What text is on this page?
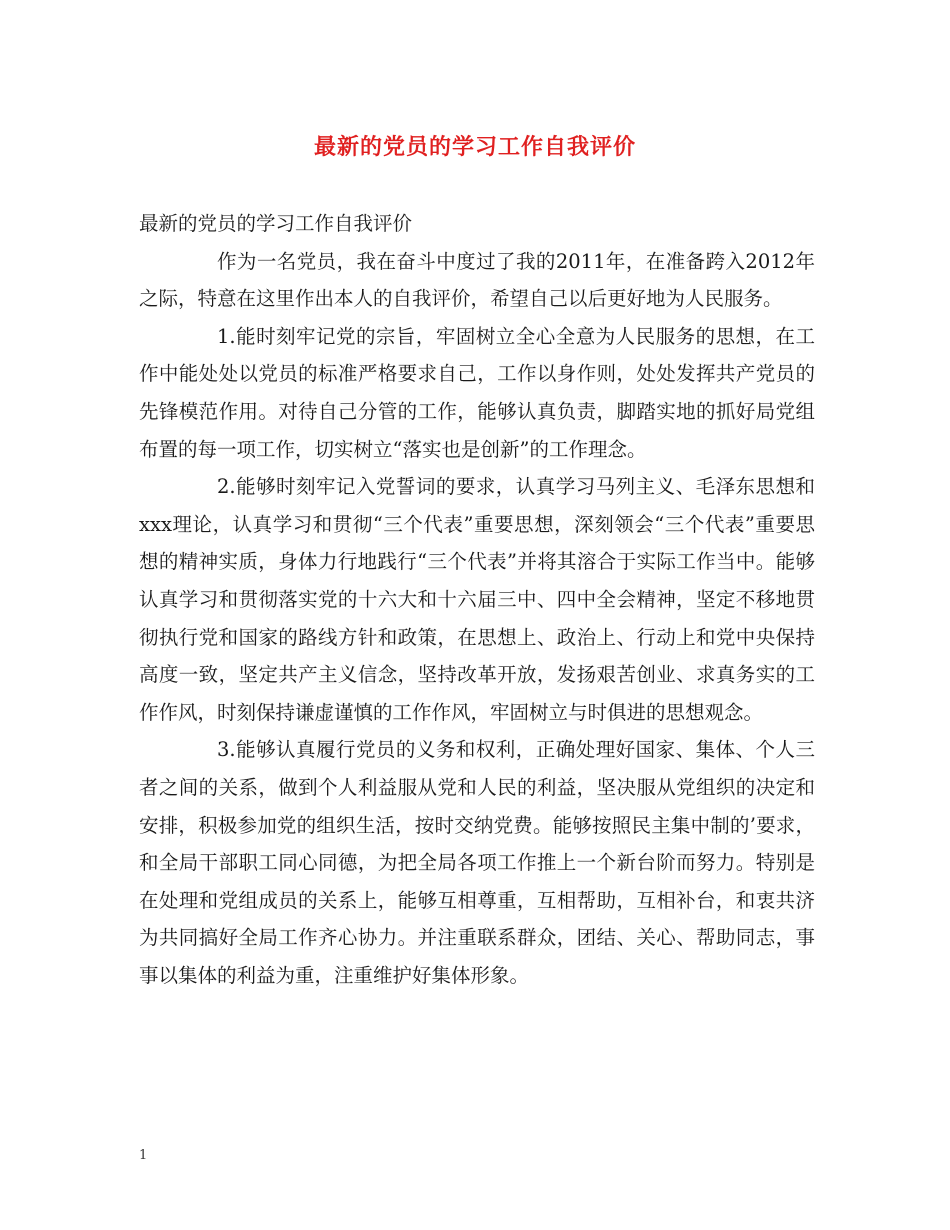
最新的党员的学习工作自我评价

最新的党员的学习工作自我评价

作为一名党员，我在奋斗中度过了我的2011年，在准备跨入2012年之际，特意在这里作出本人的自我评价，希望自己以后更好地为人民服务。

1.能时刻牢记党的宗旨，牢固树立全心全意为人民服务的思想，在工作中能处处以党员的标准严格要求自己，工作以身作则，处处发挥共产党员的先锋模范作用。对待自己分管的工作，能够认真负责，脚踏实地的抓好局党组布置的每一项工作，切实树立“落实也是创新”的工作理念。

2.能够时刻牢记入党誓词的要求，认真学习马列主义、毛泽东思想和xxx理论，认真学习和贯彻“三个代表”重要思想，深刻领会“三个代表”重要思想的精神实质，身体力行地践行“三个代表”并将其溶合于实际工作当中。能够认真学习和贯彻落实党的十六大和十六届三中、四中全会精神，坚定不移地贯彻执行党和国家的路线方针和政策，在思想上、政治上、行动上和党中央保持高度一致，坚定共产主义信念，坚持改革开放，发扬艰苦创业、求真务实的工作作风，时刻保持谦虚谨慎的工作作风，牢固树立与时俱进的思想观念。

3.能够认真履行党员的义务和权利，正确处理好国家、集体、个人三者之间的关系，做到个人利益服从党和人民的利益，坚决服从党组织的决定和安排，积极参加党的组织生活，按时交纳党费。能够按照民主集中制的’要求，和全局干部职工同心同德，为把全局各项工作推上一个新台阶而努力。特别是在处理和党组成员的关系上，能够互相尊重，互相帮助，互相补台，和衷共济为共同搞好全局工作齐心协力。并注重联系群众，团结、关心、帮助同志，事事以集体的利益为重，注重维护好集体形象。

1
